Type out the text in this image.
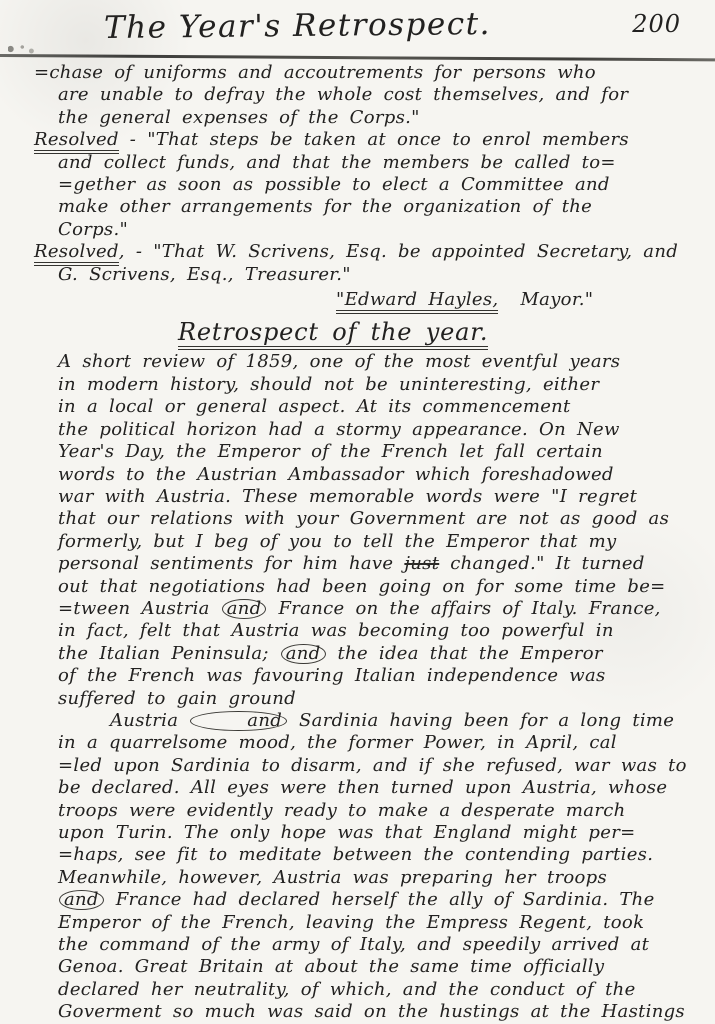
The Year's Retrospect.	200
=chase of uniforms and accoutrements for persons who
are unable to defray the whole cost themselves, and for
the general expenses of the Corps."
Resolved - "That steps be taken at once to enrol members
and collect funds, and that the members be called to=
=gether as soon as possible to elect a Committee and
make other arrangements for the organization of the
Corps."
Resolved, - "That W. Scrivens, Esq. be appointed Secretary, and
G. Scrivens, Esq., Treasurer."
"Edward Hayles,  Mayor."
Retrospect of the year.
A short review of 1859, one of the most eventful years
in modern history, should not be uninteresting, either
in a local or general aspect. At its commencement
the political horizon had a stormy appearance. On New
Year's Day, the Emperor of the French let fall certain
words to the Austrian Ambassador which foreshadowed
war with Austria. These memorable words were "I regret
that our relations with your Government are not as good as
formerly, but I beg of you to tell the Emperor that my
personal sentiments for him have just changed." It turned
out that negotiations had been going on for some time be=
=tween Austria and France on the affairs of Italy. France,
in fact, felt that Austria was becoming too powerful in
the Italian Peninsula; and the idea that the Emperor
of the French was favouring Italian independence was
suffered to gain ground
Austria	and Sardinia having been for a long time
in a quarrelsome mood, the former Power, in April, cal
=led upon Sardinia to disarm, and if she refused, war was to
be declared. All eyes were then turned upon Austria, whose
troops were evidently ready to make a desperate march
upon Turin. The only hope was that England might per=
=haps, see fit to meditate between the contending parties.
Meanwhile, however, Austria was preparing her troops
and France had declared herself the ally of Sardinia. The
Emperor of the French, leaving the Empress Regent, took
the command of the army of Italy, and speedily arrived at
Genoa. Great Britain at about the same time officially
declared her neutrality, of which, and the conduct of the
Goverment so much was said on the hustings at the Hastings
